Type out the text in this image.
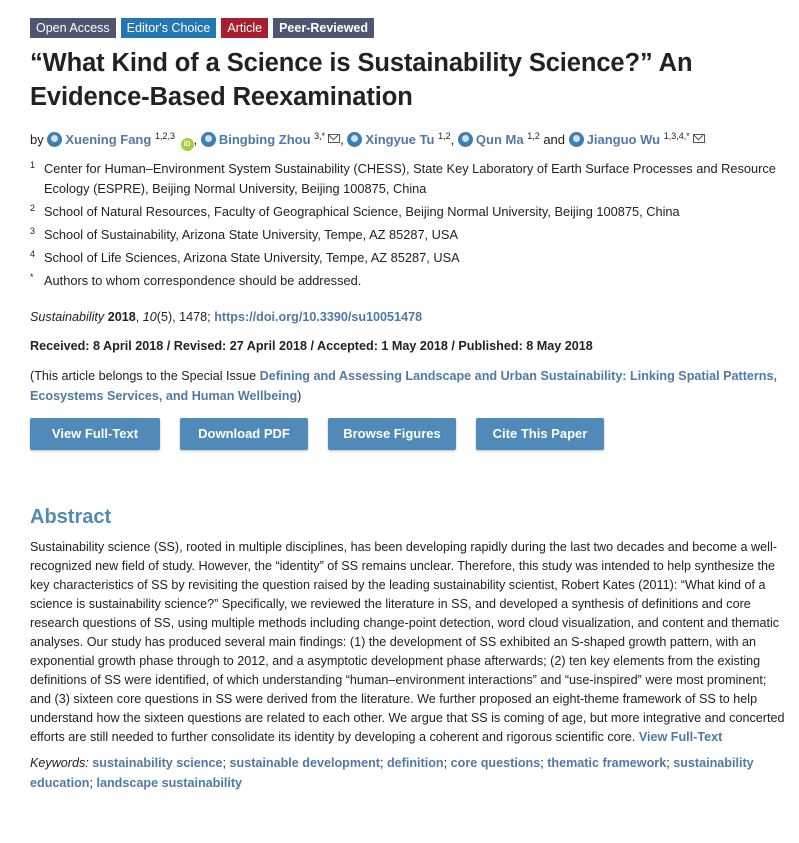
Open Access	Editor's Choice	Article	Peer-Reviewed
“What Kind of a Science is Sustainability Science?” An Evidence-Based Reexamination
by Xuening Fang $^{1,2,3}$ iD , Bingbing Zhou $^{3,*}$ , Xingyue Tu $^{1,2}$, Qun Ma $^{1,2}$ and Jianguo Wu $^{1,3,4,*}$
1 Center for Human–Environment System Sustainability (CHESS), State Key Laboratory of Earth Surface Processes and Resource Ecology (ESPRE), Beijing Normal University, Beijing 100875, China
2 School of Natural Resources, Faculty of Geographical Science, Beijing Normal University, Beijing 100875, China
3 School of Sustainability, Arizona State University, Tempe, AZ 85287, USA
4 School of Life Sciences, Arizona State University, Tempe, AZ 85287, USA
* Authors to whom correspondence should be addressed.
Sustainability 2018, 10(5), 1478; https://doi.org/10.3390/su10051478
Received: 8 April 2018 / Revised: 27 April 2018 / Accepted: 1 May 2018 / Published: 8 May 2018
(This article belongs to the Special Issue Defining and Assessing Landscape and Urban Sustainability: Linking Spatial Patterns, Ecosystems Services, and Human Wellbeing)
View Full-Text	Download PDF	Browse Figures	Cite This Paper
Abstract
Sustainability science (SS), rooted in multiple disciplines, has been developing rapidly during the last two decades and become a well-recognized new field of study. However, the “identity” of SS remains unclear. Therefore, this study was intended to help synthesize the key characteristics of SS by revisiting the question raised by the leading sustainability scientist, Robert Kates (2011): “What kind of a science is sustainability science?” Specifically, we reviewed the literature in SS, and developed a synthesis of definitions and core research questions of SS, using multiple methods including change-point detection, word cloud visualization, and content and thematic analyses. Our study has produced several main findings: (1) the development of SS exhibited an S-shaped growth pattern, with an exponential growth phase through to 2012, and a asymptotic development phase afterwards; (2) ten key elements from the existing definitions of SS were identified, of which understanding “human–environment interactions” and “use-inspired” were most prominent; and (3) sixteen core questions in SS were derived from the literature. We further proposed an eight-theme framework of SS to help understand how the sixteen questions are related to each other. We argue that SS is coming of age, but more integrative and concerted efforts are still needed to further consolidate its identity by developing a coherent and rigorous scientific core. View Full-Text
Keywords: sustainability science; sustainable development; definition; core questions; thematic framework; sustainability education; landscape sustainability
